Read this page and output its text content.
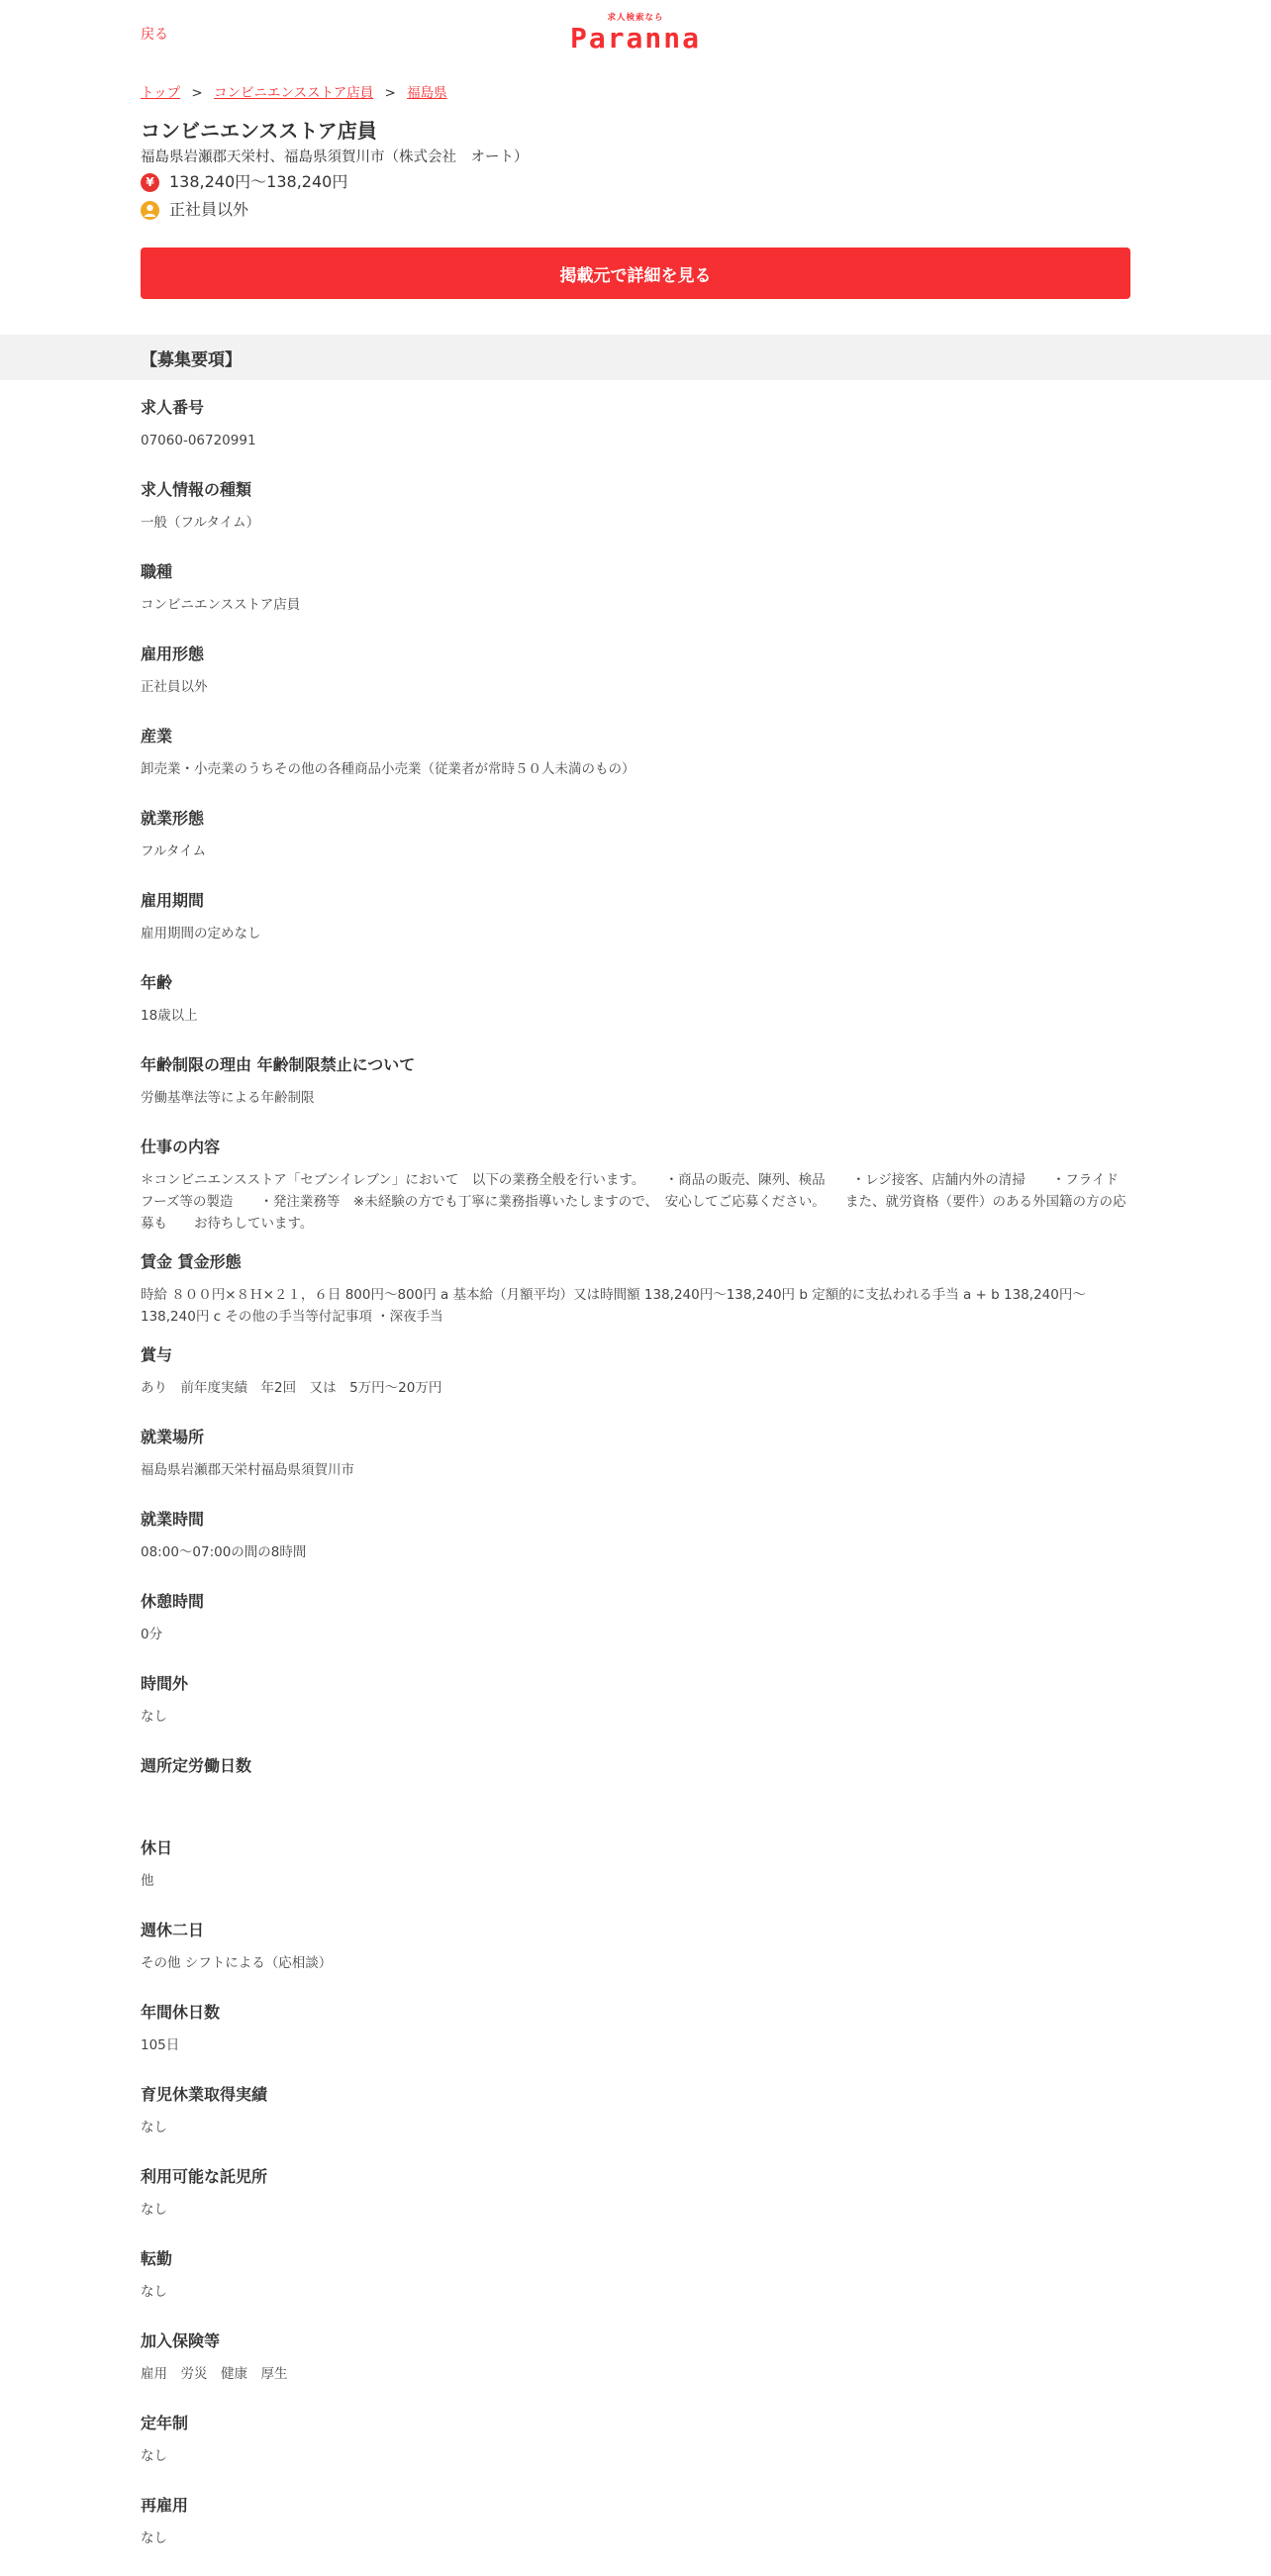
戻る
求人検索なら
Paranna
トップ > コンビニエンスストア店員 > 福島県
コンビニエンスストア店員
福島県岩瀬郡天栄村、福島県須賀川市（株式会社　オート）
¥ 138,240円～138,240円
正社員以外
掲載元で詳細を見る
【募集要項】
求人番号
07060-06720991
求人情報の種類
一般（フルタイム）
職種
コンビニエンスストア店員
雇用形態
正社員以外
産業
卸売業・小売業のうちその他の各種商品小売業（従業者が常時５０人未満のもの）
就業形態
フルタイム
雇用期間
雇用期間の定めなし
年齢
18歳以上
年齢制限の理由 年齢制限禁止について
労働基準法等による年齢制限
仕事の内容
＊コンビニエンスストア「セブンイレブン」において　以下の業務全般を行います。　　・商品の販売、陳列、検品　　・レジ接客、店舗内外の清掃　　・フライドフーズ等の製造　　・発注業務等　※未経験の方でも丁寧に業務指導いたしますので、　安心してご応募ください。　　また、就労資格（要件）のある外国籍の方の応募も　　お待ちしています。
賃金 賃金形態
時給 ８００円×８Ｈ×２１，６日 800円～800円 a 基本給（月額平均）又は時間額 138,240円～138,240円 b 定額的に支払われる手当 a + b 138,240円～138,240円 c その他の手当等付記事項 ・深夜手当
賞与
あり　前年度実績　年2回　又は　5万円～20万円
就業場所
福島県岩瀬郡天栄村福島県須賀川市
就業時間
08:00～07:00の間の8時間
休憩時間
0分
時間外
なし
週所定労働日数
休日
他
週休二日
その他 シフトによる（応相談）
年間休日数
105日
育児休業取得実績
なし
利用可能な託児所
なし
転勤
なし
加入保険等
雇用　労災　健康　厚生
定年制
なし
再雇用
なし
